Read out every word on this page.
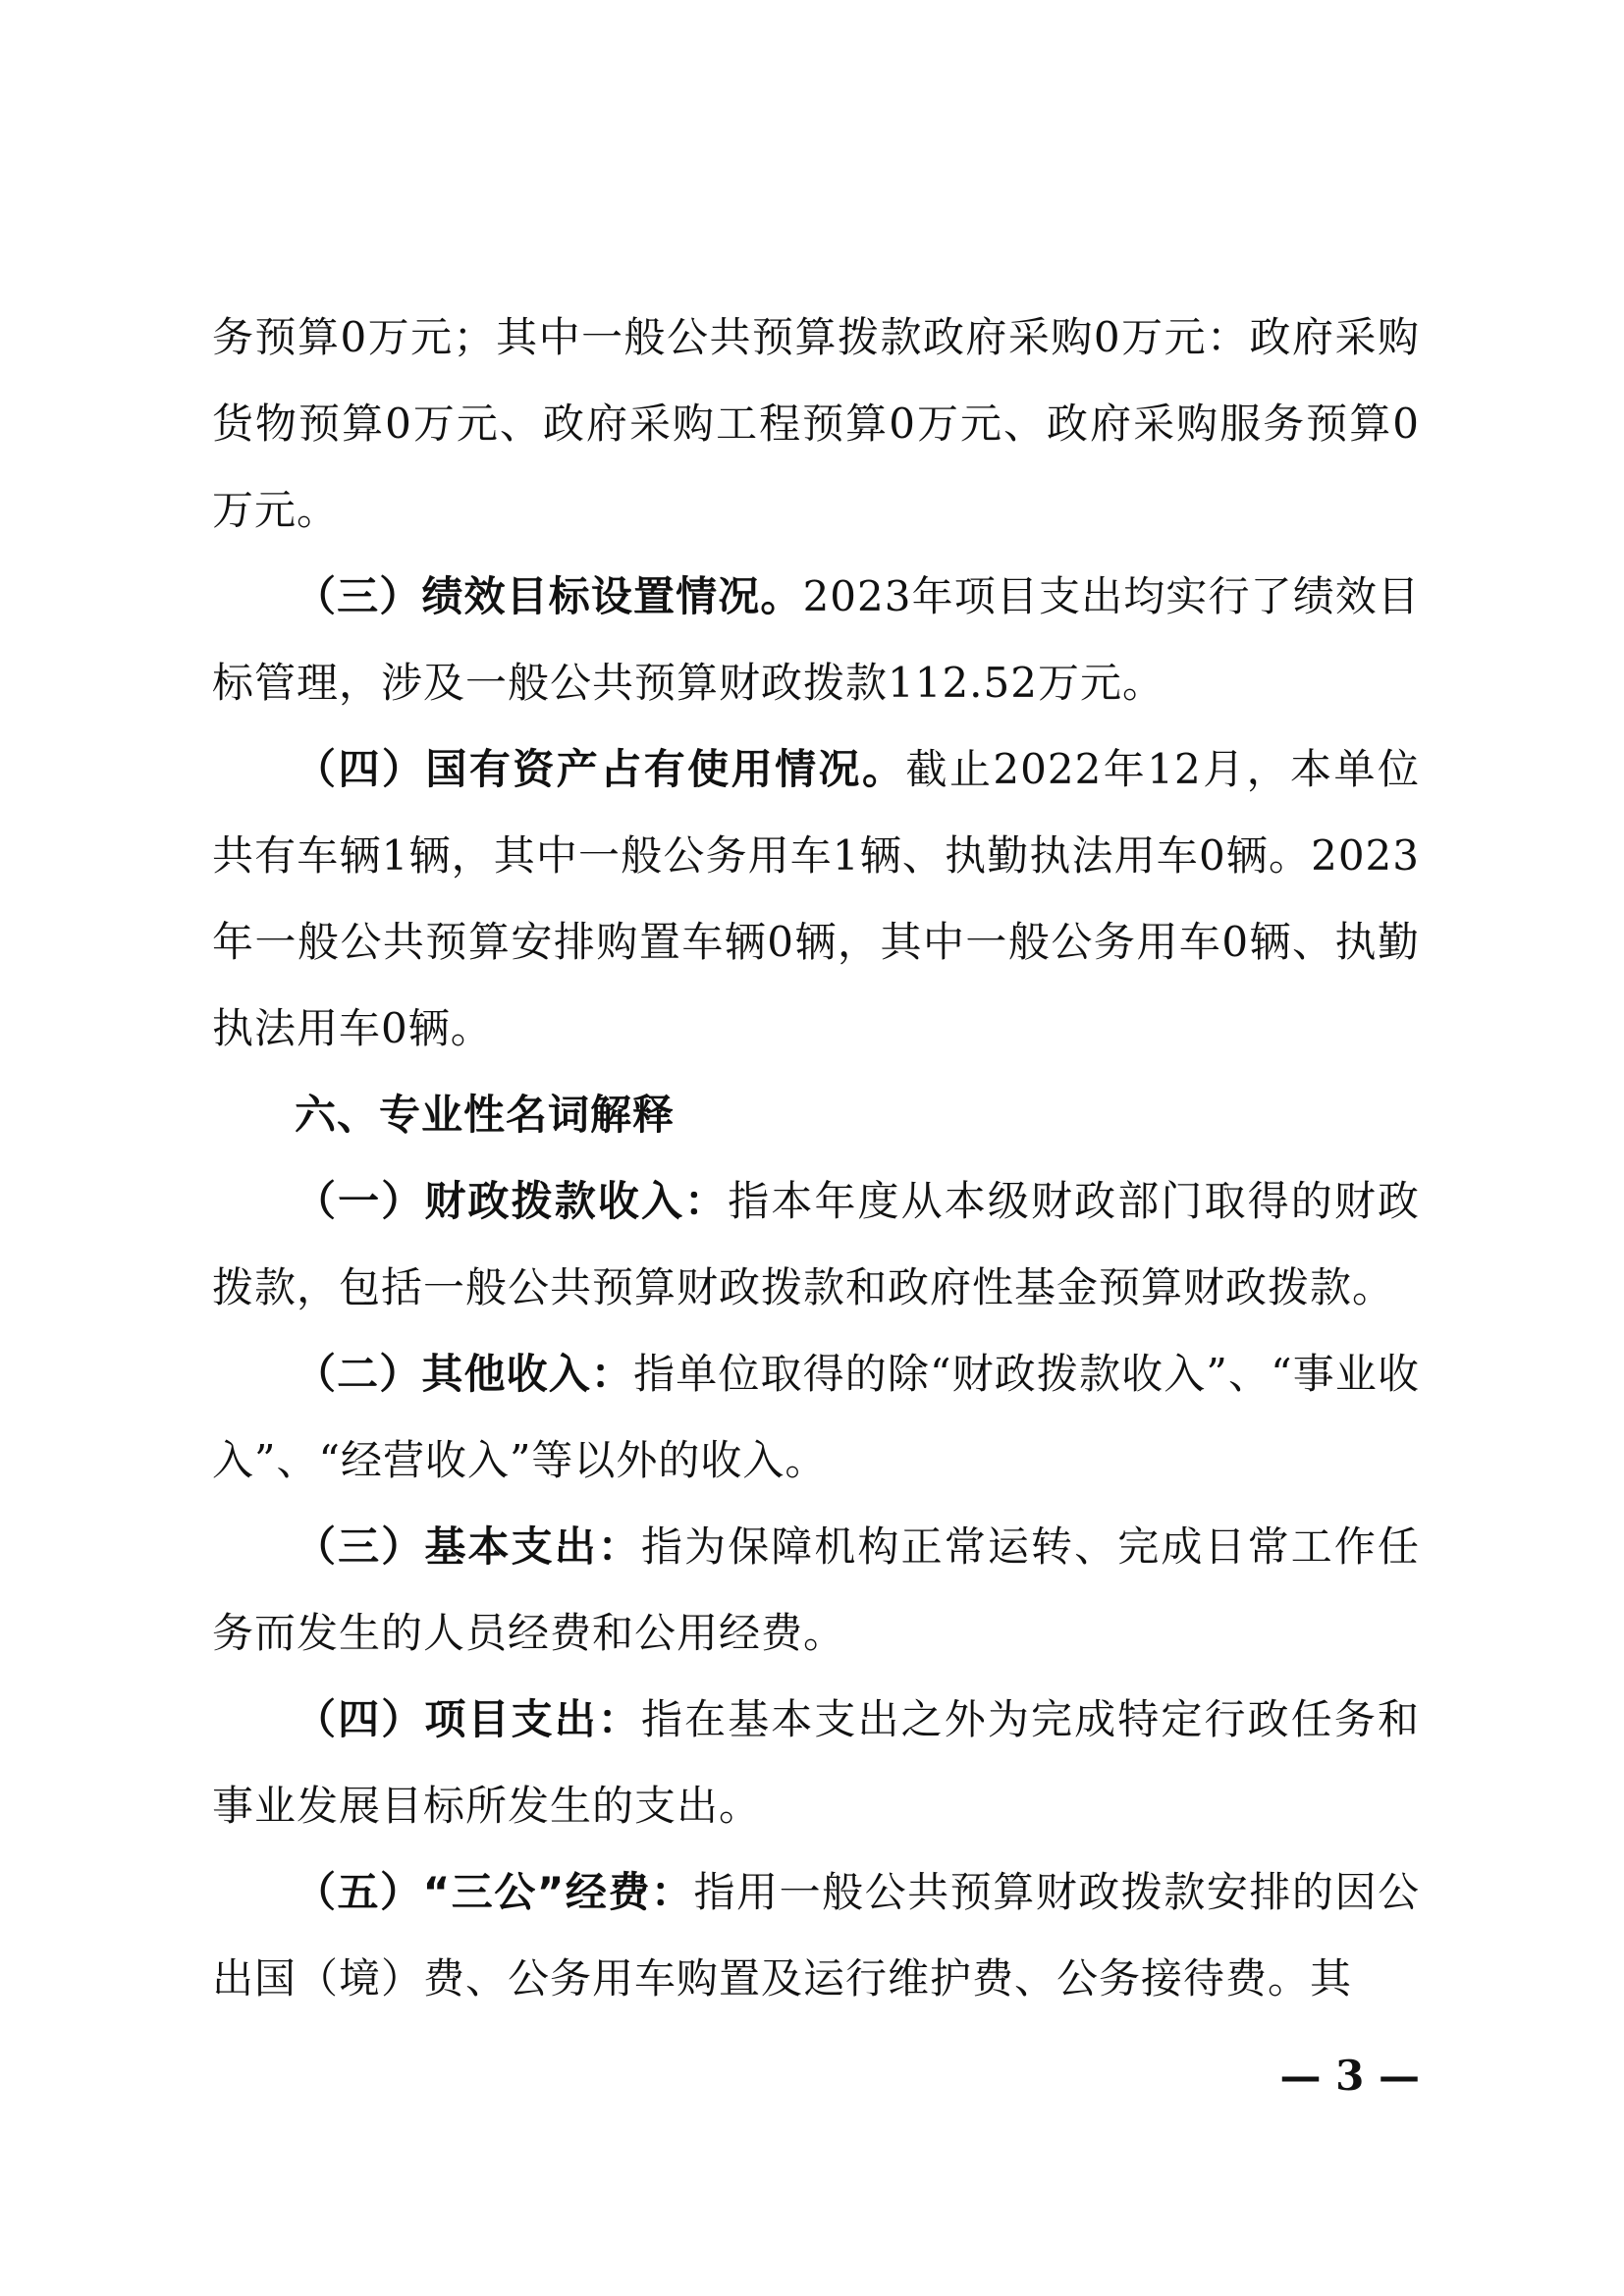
务预算0万元；其中一般公共预算拨款政府采购0万元：政府采购货物预算0万元、政府采购工程预算0万元、政府采购服务预算0万元。

（三）绩效目标设置情况。2023年项目支出均实行了绩效目标管理，涉及一般公共预算财政拨款112.52万元。

（四）国有资产占有使用情况。截止2022年12月，本单位共有车辆1辆，其中一般公务用车1辆、执勤执法用车0辆。2023年一般公共预算安排购置车辆0辆，其中一般公务用车0辆、执勤执法用车0辆。

六、专业性名词解释

（一）财政拨款收入：指本年度从本级财政部门取得的财政拨款，包括一般公共预算财政拨款和政府性基金预算财政拨款。

（二）其他收入：指单位取得的除“财政拨款收入”、“事业收入”、“经营收入”等以外的收入。

（三）基本支出：指为保障机构正常运转、完成日常工作任务而发生的人员经费和公用经费。

（四）项目支出：指在基本支出之外为完成特定行政任务和事业发展目标所发生的支出。

（五）“三公”经费：指用一般公共预算财政拨款安排的因公出国（境）费、公务用车购置及运行维护费、公务接待费。其

— 3 —
